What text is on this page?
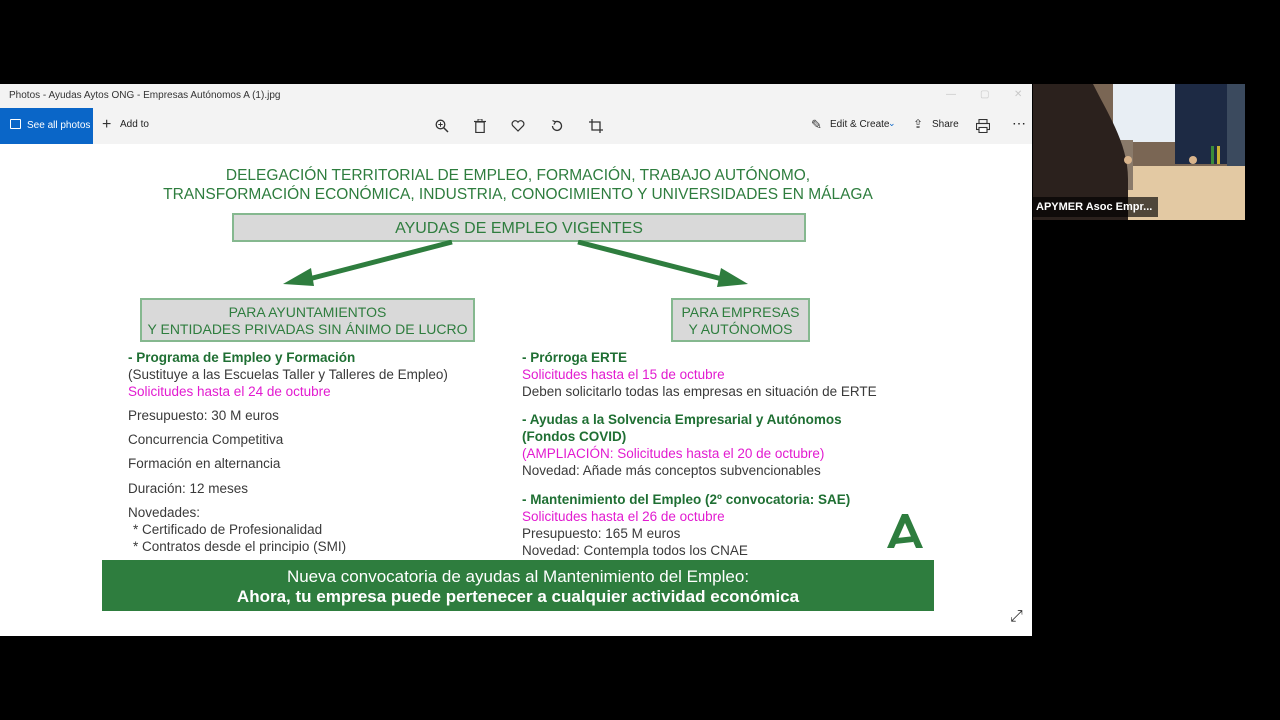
Photos - Ayudas Aytos ONG - Empresas Autónomos A (1).jpg	— ▢ ✕
See all photos + Add to	✎ Edit & Create
⌄ ⇪ Share	⋯
DELEGACIÓN TERRITORIAL DE EMPLEO, FORMACIÓN, TRABAJO AUTÓNOMO,
TRANSFORMACIÓN ECONÓMICA, INDUSTRIA, CONOCIMIENTO Y UNIVERSIDADES EN MÁLAGA
AYUDAS DE EMPLEO VIGENTES
PARA AYUNTAMIENTOS
Y ENTIDADES PRIVADAS SIN ÁNIMO DE LUCRO
PARA EMPRESAS
Y AUTÓNOMOS
- Programa de Empleo y Formación
(Sustituye a las Escuelas Taller y Talleres de Empleo)
Solicitudes hasta el 24 de octubre
Presupuesto: 30 M euros
Concurrencia Competitiva
Formación en alternancia
Duración: 12 meses
Novedades:
* Certificado de Profesionalidad
* Contratos desde el principio (SMI)
- Prórroga ERTE
Solicitudes hasta el 15 de octubre
Deben solicitarlo todas las empresas en situación de ERTE
- Ayudas a la Solvencia Empresarial y Autónomos
(Fondos COVID)
(AMPLIACIÓN: Solicitudes hasta el 20 de octubre)
Novedad: Añade más conceptos subvencionables
- Mantenimiento del Empleo (2º convocatoria: SAE)
Solicitudes hasta el 26 de octubre
Presupuesto: 165 M euros
Novedad: Contempla todos los CNAE
Nueva convocatoria de ayudas al Mantenimiento del Empleo:
Ahora, tu empresa puede pertenecer a cualquier actividad económica
⤢
APYMER Asoc Empr...
